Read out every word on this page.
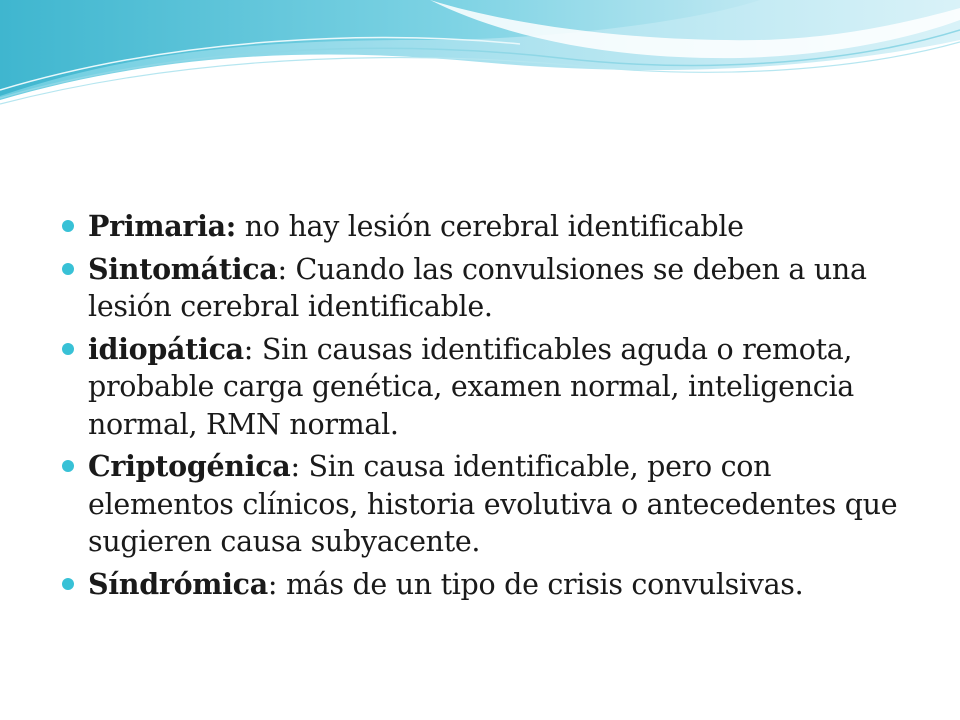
Primaria: no hay lesión cerebral identificable
Sintomática: Cuando las convulsiones se deben a una lesión cerebral identificable.
idiopática: Sin causas identificables aguda o remota, probable carga genética, examen normal, inteligencia normal, RMN normal.
Criptogénica: Sin causa identificable, pero con elementos clínicos, historia evolutiva o antecedentes que sugieren causa subyacente.
Síndrómica: más de un tipo de crisis convulsivas.
